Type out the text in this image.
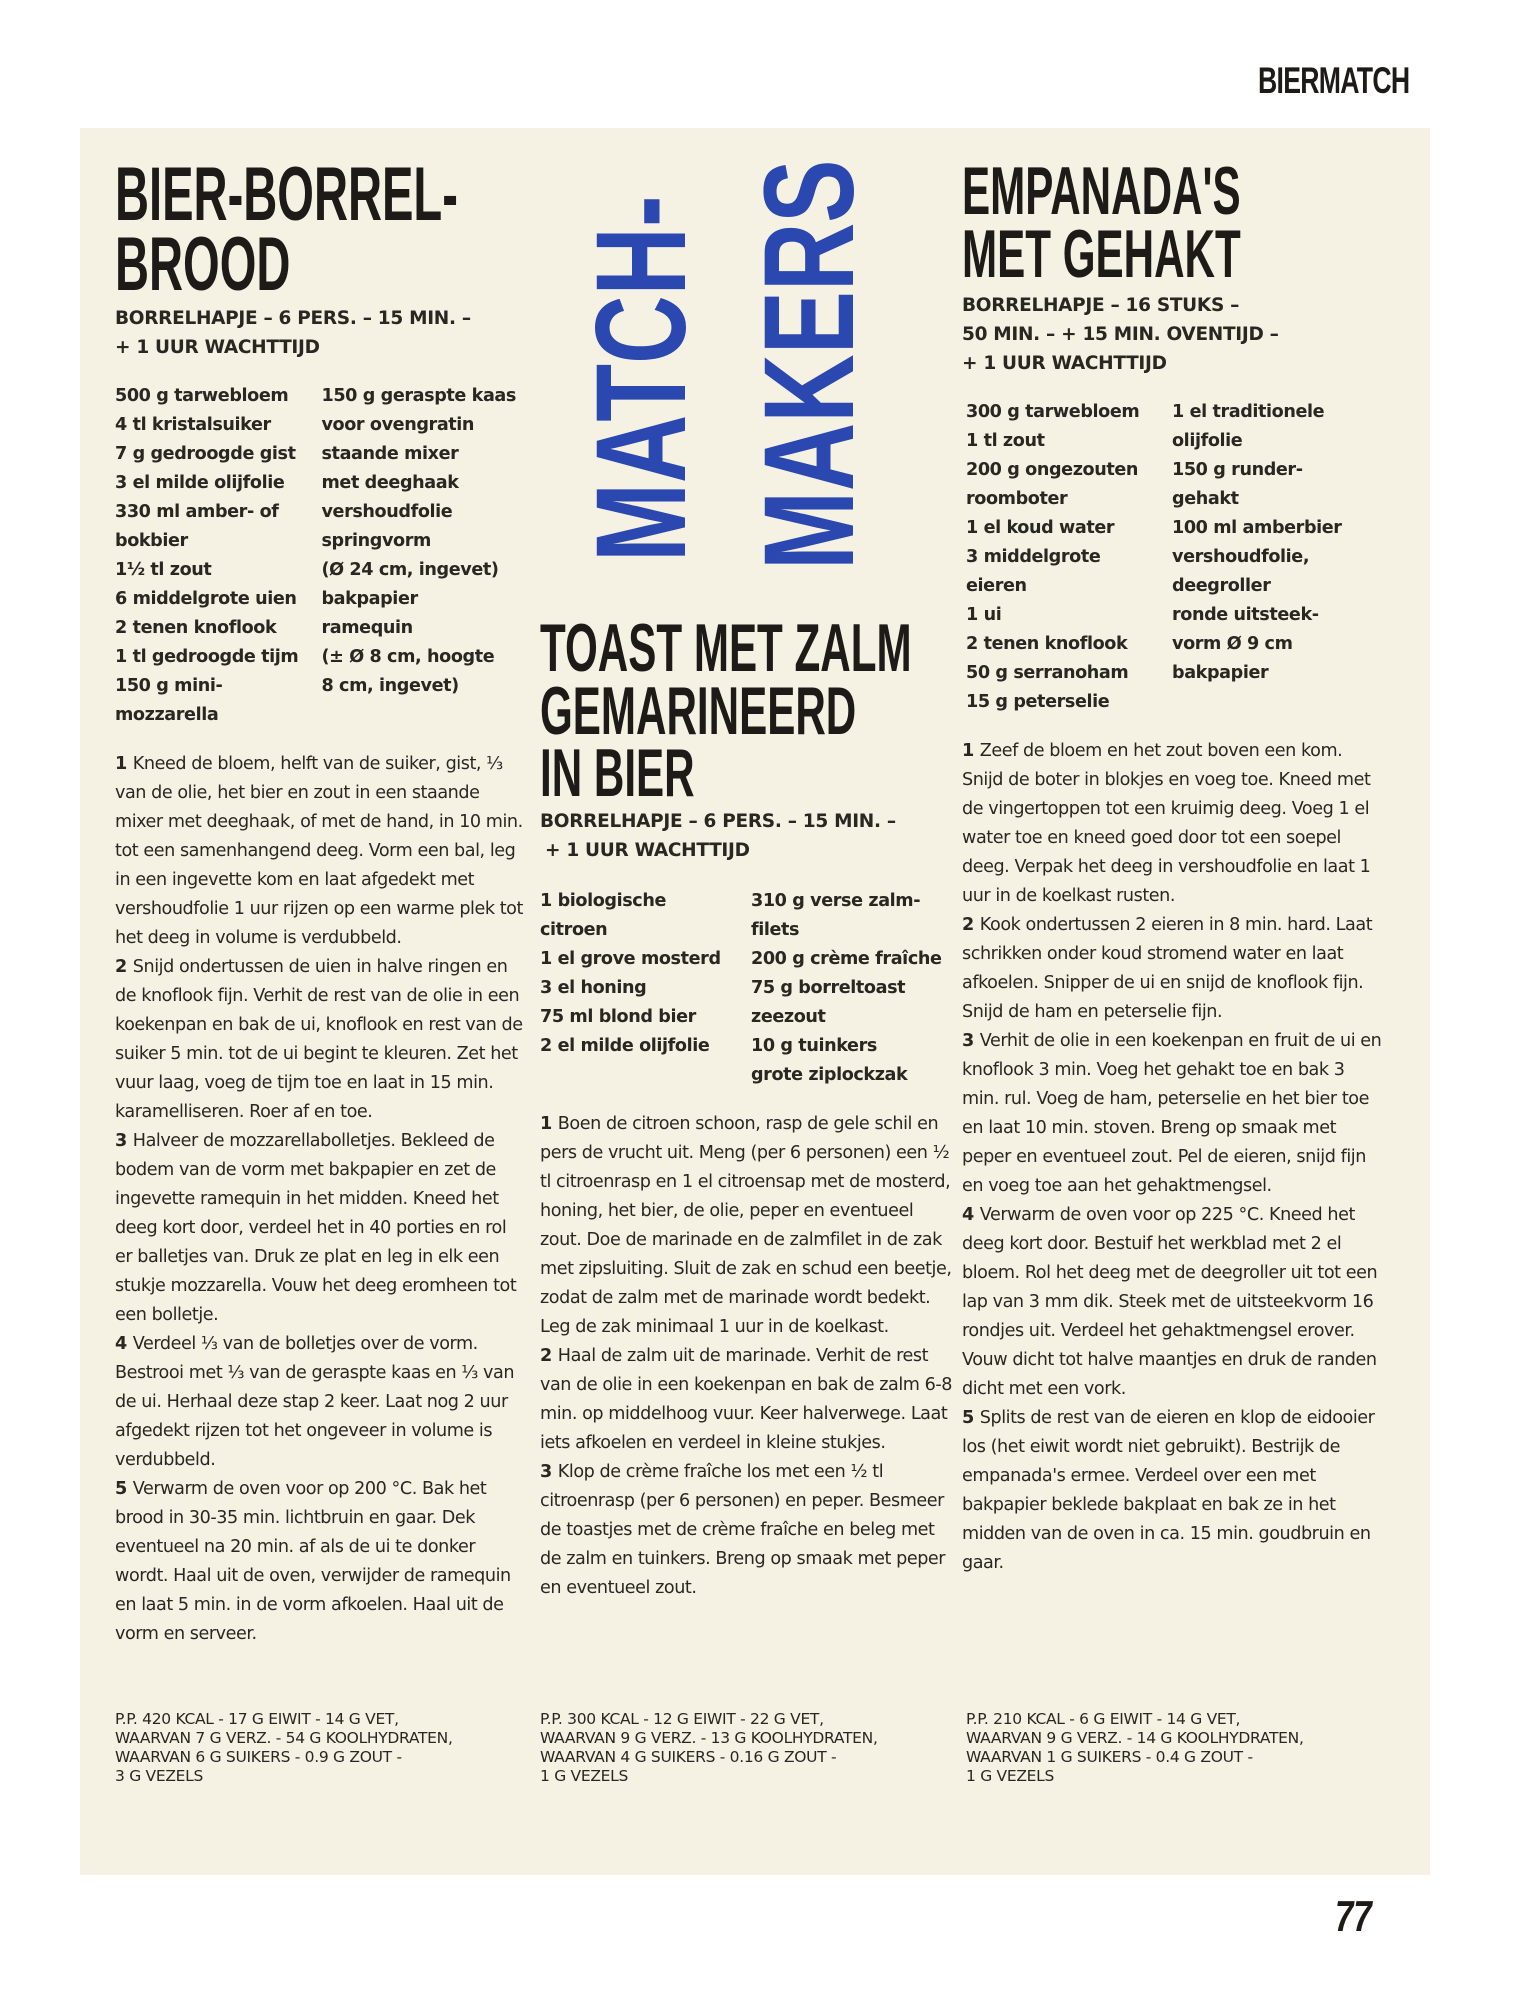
BIERMATCH
MATCH- MAKERS
BIER-BORREL-
BROOD
BORRELHAPJE – 6 PERS. – 15 MIN. –
+ 1 UUR WACHTTIJD
500 g tarwebloem
4 tl kristalsuiker
7 g gedroogde gist
3 el milde olijfolie
330 ml amber- of
bokbier
1½ tl zout
6 middelgrote uien
2 tenen knoflook
1 tl gedroogde tijm
150 g mini-
mozzarella
150 g geraspte kaas
voor ovengratin
staande mixer
met deeghaak
vershoudfolie
springvorm
(Ø 24 cm, ingevet)
bakpapier
ramequin
(± Ø 8 cm, hoogte
8 cm, ingevet)

1 Kneed de bloem, helft van de suiker, gist, ⅓ van de olie, het bier en zout in een staande mixer met deeghaak, of met de hand, in 10 min. tot een samenhangend deeg. Vorm een bal, leg in een ingevette kom en laat afgedekt met vershoudfolie 1 uur rijzen op een warme plek tot het deeg in volume is verdubbeld.

2 Snijd ondertussen de uien in halve ringen en de knoflook fijn. Verhit de rest van de olie in een koekenpan en bak de ui, knoflook en rest van de suiker 5 min. tot de ui begint te kleuren. Zet het vuur laag, voeg de tijm toe en laat in 15 min. karamelliseren. Roer af en toe.

3 Halveer de mozzarellabolletjes. Bekleed de bodem van de vorm met bakpapier en zet de ingevette ramequin in het midden. Kneed het deeg kort door, verdeel het in 40 porties en rol er balletjes van. Druk ze plat en leg in elk een stukje mozzarella. Vouw het deeg eromheen tot een bolletje.

4 Verdeel ⅓ van de bolletjes over de vorm. Bestrooi met ⅓ van de geraspte kaas en ⅓ van de ui. Herhaal deze stap 2 keer. Laat nog 2 uur afgedekt rijzen tot het ongeveer in volume is verdubbeld.

5 Verwarm de oven voor op 200 °C. Bak het brood in 30-35 min. lichtbruin en gaar. Dek eventueel na 20 min. af als de ui te donker wordt. Haal uit de oven, verwijder de ramequin en laat 5 min. in de vorm afkoelen. Haal uit de vorm en serveer.

P.P. 420 KCAL - 17 G EIWIT - 14 G VET,
WAARVAN 7 G VERZ. - 54 G KOOLHYDRATEN,
WAARVAN 6 G SUIKERS - 0.9 G ZOUT -
3 G VEZELS
TOAST MET ZALM
GEMARINEERD
IN BIER
BORRELHAPJE – 6 PERS. – 15 MIN. –
+ 1 UUR WACHTTIJD
1 biologische
citroen
1 el grove mosterd
3 el honing
75 ml blond bier
2 el milde olijfolie
310 g verse zalm-
filets
200 g crème fraîche
75 g borreltoast
zeezout
10 g tuinkers
grote ziplockzak

1 Boen de citroen schoon, rasp de gele schil en pers de vrucht uit. Meng (per 6 personen) een ½ tl citroenrasp en 1 el citroensap met de mosterd, honing, het bier, de olie, peper en eventueel zout. Doe de marinade en de zalmfilet in de zak met zipsluiting. Sluit de zak en schud een beetje, zodat de zalm met de marinade wordt bedekt. Leg de zak minimaal 1 uur in de koelkast.

2 Haal de zalm uit de marinade. Verhit de rest van de olie in een koekenpan en bak de zalm 6-8 min. op middelhoog vuur. Keer halverwege. Laat iets afkoelen en verdeel in kleine stukjes.

3 Klop de crème fraîche los met een ½ tl citroenrasp (per 6 personen) en peper. Besmeer de toastjes met de crème fraîche en beleg met de zalm en tuinkers. Breng op smaak met peper en eventueel zout.

P.P. 300 KCAL - 12 G EIWIT - 22 G VET,
WAARVAN 9 G VERZ. - 13 G KOOLHYDRATEN,
WAARVAN 4 G SUIKERS - 0.16 G ZOUT -
1 G VEZELS
EMPANADA'S
MET GEHAKT
BORRELHAPJE – 16 STUKS –
50 MIN. – + 15 MIN. OVENTIJD –
+ 1 UUR WACHTTIJD
300 g tarwebloem
1 tl zout
200 g ongezouten
roomboter
1 el koud water
3 middelgrote
eieren
1 ui
2 tenen knoflook
50 g serranoham
15 g peterselie
1 el traditionele
olijfolie
150 g runder-
gehakt
100 ml amberbier
vershoudfolie,
deegroller
ronde uitsteek-
vorm Ø 9 cm
bakpapier

1 Zeef de bloem en het zout boven een kom. Snijd de boter in blokjes en voeg toe. Kneed met de vingertoppen tot een kruimig deeg. Voeg 1 el water toe en kneed goed door tot een soepel deeg. Verpak het deeg in vershoudfolie en laat 1 uur in de koelkast rusten.

2 Kook ondertussen 2 eieren in 8 min. hard. Laat schrikken onder koud stromend water en laat afkoelen. Snipper de ui en snijd de knoflook fijn. Snijd de ham en peterselie fijn.

3 Verhit de olie in een koekenpan en fruit de ui en knoflook 3 min. Voeg het gehakt toe en bak 3 min. rul. Voeg de ham, peterselie en het bier toe en laat 10 min. stoven. Breng op smaak met peper en eventueel zout. Pel de eieren, snijd fijn en voeg toe aan het gehaktmengsel.

4 Verwarm de oven voor op 225 °C. Kneed het deeg kort door. Bestuif het werkblad met 2 el bloem. Rol het deeg met de deegroller uit tot een lap van 3 mm dik. Steek met de uitsteekvorm 16 rondjes uit. Verdeel het gehaktmengsel erover. Vouw dicht tot halve maantjes en druk de randen dicht met een vork.

5 Splits de rest van de eieren en klop de eidooier los (het eiwit wordt niet gebruikt). Bestrijk de empanada's ermee. Verdeel over een met bakpapier beklede bakplaat en bak ze in het midden van de oven in ca. 15 min. goudbruin en gaar.

P.P. 210 KCAL - 6 G EIWIT - 14 G VET,
WAARVAN 9 G VERZ. - 14 G KOOLHYDRATEN,
WAARVAN 1 G SUIKERS - 0.4 G ZOUT -
1 G VEZELS
77
